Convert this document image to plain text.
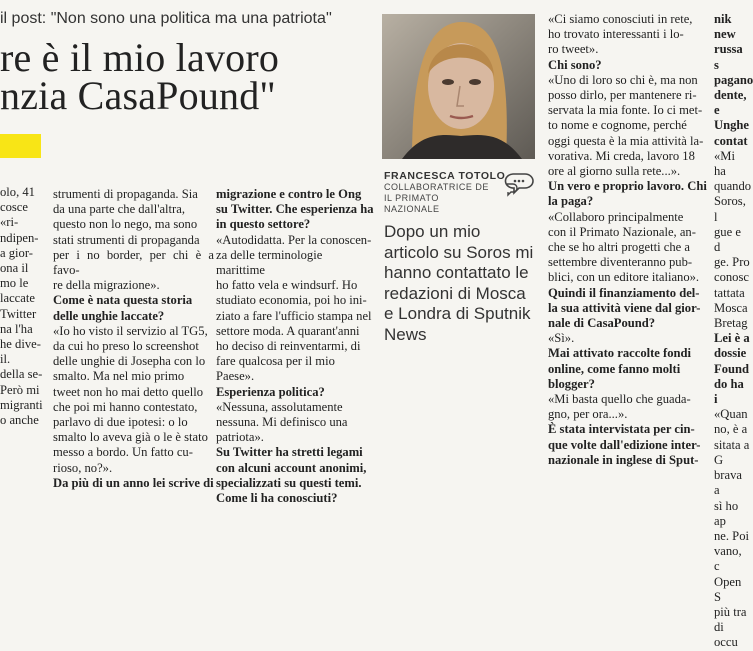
il post: "Non sono una politica ma una patriota''
re è il mio lavoro
nzia CasaPound"

olo, 41

cosce «ri-

ndipen-

a gior-

ona il

mo le

laccate

Twitter

na l'ha

he dive-

il.

della se-

Però mi

migranti

o anche

strumenti di propaganda. Sia

da una parte che dall'altra,

questo non lo nego, ma sono

stati strumenti di propaganda

per i no border, per chi è a favo-

re della migrazione».

Come è nata questa storia

delle unghie laccate?

«Io ho visto il servizio al TG5,

da cui ho preso lo screenshot

delle unghie di Josepha con lo

smalto. Ma nel mio primo

tweet non ho mai detto quello

che poi mi hanno contestato,

parlavo di due ipotesi: o lo

smalto lo aveva già o le è stato

messo a bordo. Un fatto cu-

rioso, no?».

Da più di un anno lei scrive di

migrazione e contro le Ong

su Twitter. Che esperienza ha

in questo settore?

«Autodidatta. Per la conoscen-

za delle terminologie marittime

ho fatto vela e windsurf. Ho

studiato economia, poi ho ini-

ziato a fare l'ufficio stampa nel

settore moda. A quarant'anni

ho deciso di reinventarmi, di

fare qualcosa per il mio Paese».

Esperienza politica?

«Nessuna, assolutamente

nessuna. Mi definisco una

patriota».

Su Twitter ha stretti legami

con alcuni account anonimi,

specializzati su questi temi.

Come li ha conosciuti?

FRANCESCA TOTOLO
COLLABORATRICE DE IL PRIMATO NAZIONALE
Dopo un mio articolo su Soros mi hanno contattato le redazioni di Mosca e Londra di Sputnik News

«Ci siamo conosciuti in rete,

ho trovato interessanti i lo-

ro tweet».

Chi sono?

«Uno di loro so chi è, ma non

posso dirlo, per mantenere ri-

servata la mia fonte. Io ci met-

to nome e cognome, perché

oggi questa è la mia attività la-

vorativa. Mi creda, lavoro 18

ore al giorno sulla rete...».

Un vero e proprio lavoro. Chi

la paga?

«Collaboro principalmente

con il Primato Nazionale, an-

che se ho altri progetti che a

settembre diventeranno pub-

blici, con un editore italiano».

Quindi il finanziamento del-

la sua attività viene dal gior-

nale di CasaPound?

«Sì».

Mai attivato raccolte fondi

online, come fanno molti

blogger?

«Mi basta quello che guada-

gno, per ora...».

È stata intervistata per cin-

que volte dall'edizione inter-

nazionale in inglese di Sput-

nik new

russa s

pagano

dente,

e Unghe

contat

«Mi ha

quando

Soros, l

gue e d

ge. Pro

conosc

tattata

Mosca

Bretag

Lei è a

dossie

Found

do ha i

«Quan

no, è a

sitata a G

brava a

sì ho ap

ne. Poi

vano, c

Open S

più tra

di occu
